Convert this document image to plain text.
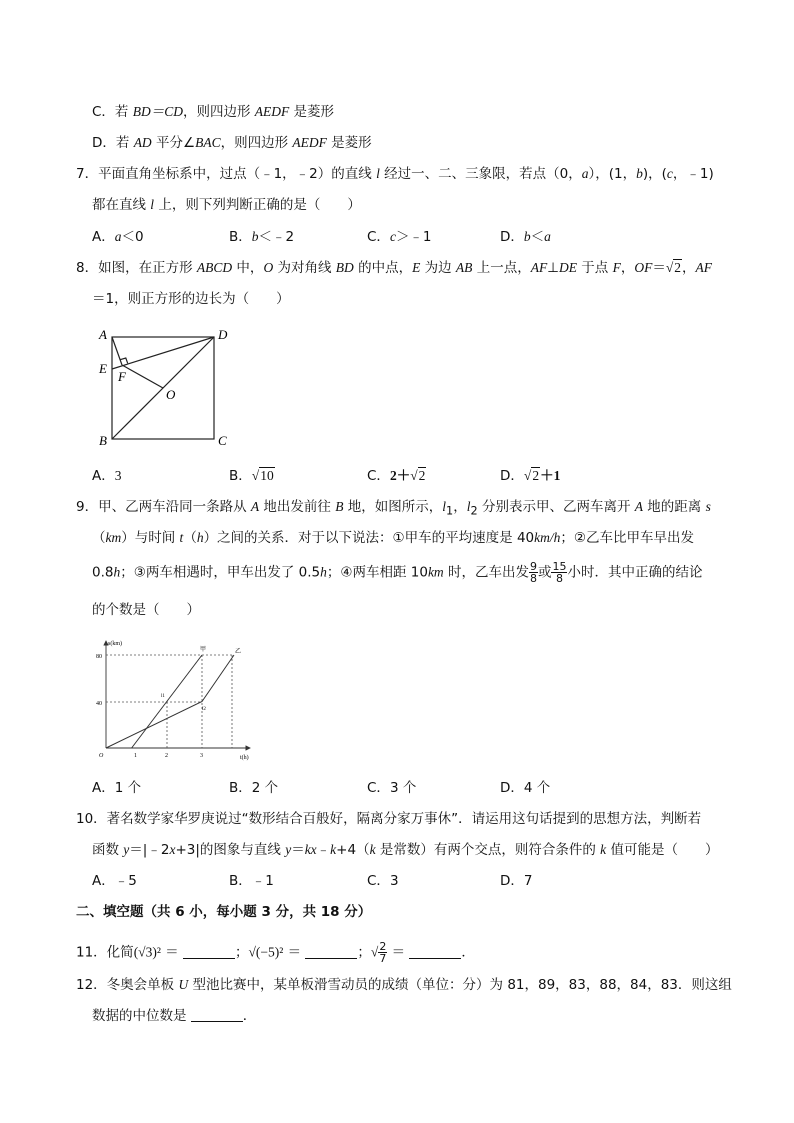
C．若 BD＝CD，则四边形 AEDF 是菱形
D．若 AD 平分∠BAC，则四边形 AEDF 是菱形
7．平面直角坐标系中，过点（﹣1，﹣2）的直线 l 经过一、二、三象限，若点（0，a），(1，b)，(c，﹣1)
都在直线 l 上，则下列判断正确的是（　　）
A．a＜0	B．b＜﹣2	C．c＞﹣1	D．b＜a
8．如图，在正方形 ABCD 中，O 为对角线 BD 的中点，E 为边 AB 上一点，AF⊥DE 于点 F，OF＝√2，AF
＝1，则正方形的边长为（　　）
A	D
E
F
O
B	C
A．3	B．√10	C．2＋√2	D．√2＋1
9．甲、乙两车沿同一条路从 A 地出发前往 B 地，如图所示，$l_1$，$l_2$ 分别表示甲、乙两车离开 A 地的距离 s
（km）与时间 t（h）之间的关系．对于以下说法：①甲车的平均速度是 40km/h；②乙车比甲车早出发
0.8h；③两车相遇时，甲车出发了 0.5h；④两车相距 10km 时，乙车出发 $\frac{9}{8}$ 或 $\frac{15}{8}$ 小时．其中正确的结论
的个数是（　　）
s(km)
t(h)
O	1	2	3
40
80
甲	乙
l1
l2
A．1 个	B．2 个	C．3 个	D．4 个
10．著名数学家华罗庚说过“数形结合百般好，隔离分家万事休”．请运用这句话提到的思想方法，判断若
函数 y＝|﹣2x+3|的图象与直线 y＝kx﹣k+4（k 是常数）有两个交点，则符合条件的 k 值可能是（　　）
A．﹣5	B．﹣1	C．3	D．7
二、填空题（共 6 小，每小题 3 分，共 18 分）
11．化简(√3)² ＝	；√(−5)² ＝	；√ $\frac{2}{7}$ ＝	．
12．冬奥会单板 U 型池比赛中，某单板滑雪动员的成绩（单位：分）为 81，89，83，88，84，83．则这组
数据的中位数是	．
